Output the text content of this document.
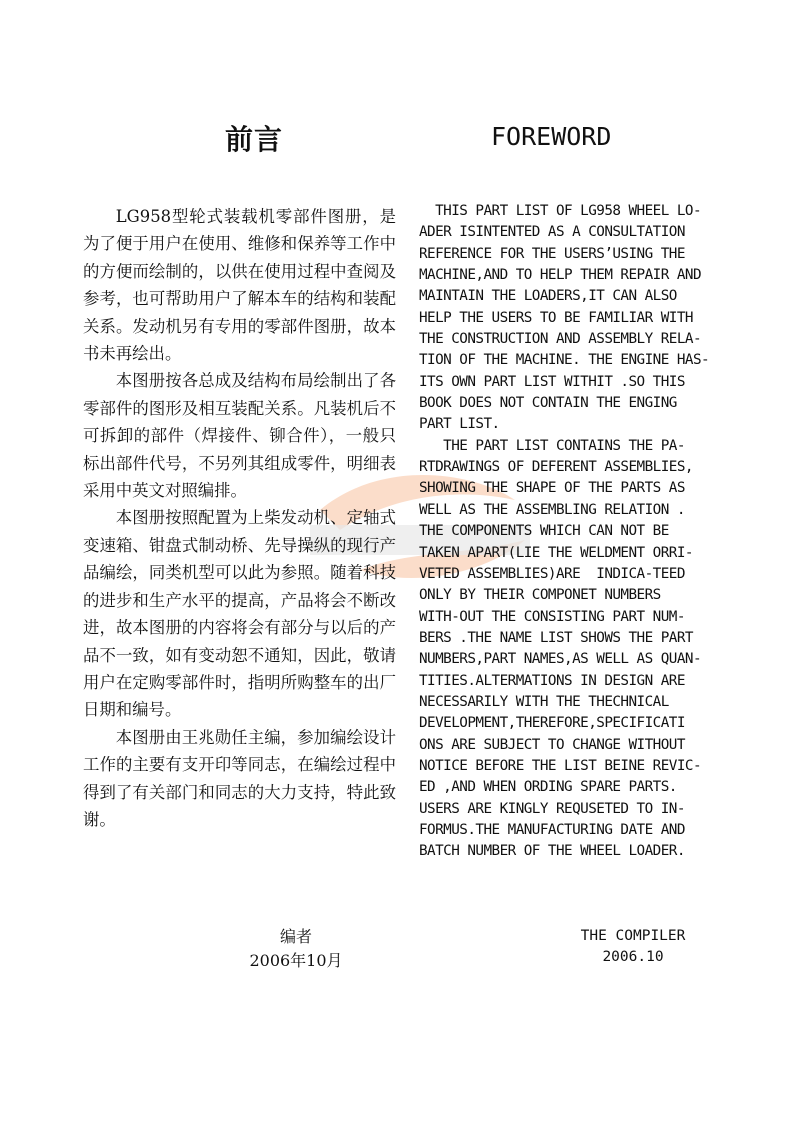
前言	FOREWORD

LG958型轮式装载机零部件图册，是为了便于用户在使用、维修和保养等工作中的方便而绘制的，以供在使用过程中查阅及参考，也可帮助用户了解本车的结构和装配关系。发动机另有专用的零部件图册，故本书未再绘出。

本图册按各总成及结构布局绘制出了各零部件的图形及相互装配关系。凡装机后不可拆卸的部件（焊接件、铆合件），一般只标出部件代号，不另列其组成零件，明细表采用中英文对照编排。

本图册按照配置为上柴发动机、定轴式变速箱、钳盘式制动桥、先导操纵的现行产品编绘，同类机型可以此为参照。随着科技的进步和生产水平的提高，产品将会不断改进，故本图册的内容将会有部分与以后的产品不一致，如有变动恕不通知，因此，敬请用户在定购零部件时，指明所购整车的出厂日期和编号。

本图册由王兆勋任主编，参加编绘设计工作的主要有支开印等同志，在编绘过程中得到了有关部门和同志的大力支持，特此致谢。

THIS PART LIST OF LG958 WHEEL LO-
ADER ISINTENTED AS A CONSULTATION
REFERENCE FOR THE USERS’USING THE
MACHINE,AND TO HELP THEM REPAIR AND
MAINTAIN THE LOADERS,IT CAN ALSO
HELP THE USERS TO BE FAMILIAR WITH
THE CONSTRUCTION AND ASSEMBLY RELA-
TION OF THE MACHINE. THE ENGINE HAS-
ITS OWN PART LIST WITHIT .SO THIS
BOOK DOES NOT CONTAIN THE ENGING
PART LIST.
THE PART LIST CONTAINS THE PA-
RTDRAWINGS OF DEFERENT ASSEMBLIES,
SHOWING THE SHAPE OF THE PARTS AS
WELL AS THE ASSEMBLING RELATION .
THE COMPONENTS WHICH CAN NOT BE
TAKEN APART(LIE THE WELDMENT ORRI-
VETED ASSEMBLIES)ARE  INDICA-TEED
ONLY BY THEIR COMPONET NUMBERS
WITH-OUT THE CONSISTING PART NUM-
BERS .THE NAME LIST SHOWS THE PART
NUMBERS,PART NAMES,AS WELL AS QUAN-
TITIES.ALTERMATIONS IN DESIGN ARE
NECESSARILY WITH THE THECHNICAL
DEVELOPMENT,THEREFORE,SPECIFICATI
ONS ARE SUBJECT TO CHANGE WITHOUT
NOTICE BEFORE THE LIST BEINE REVIC-
ED ,AND WHEN ORDING SPARE PARTS.
USERS ARE KINGLY REQUSETED TO IN-
FORMUS.THE MANUFACTURING DATE AND
BATCH NUMBER OF THE WHEEL LOADER.
编者
2006年10月
THE COMPILER
2006.10
